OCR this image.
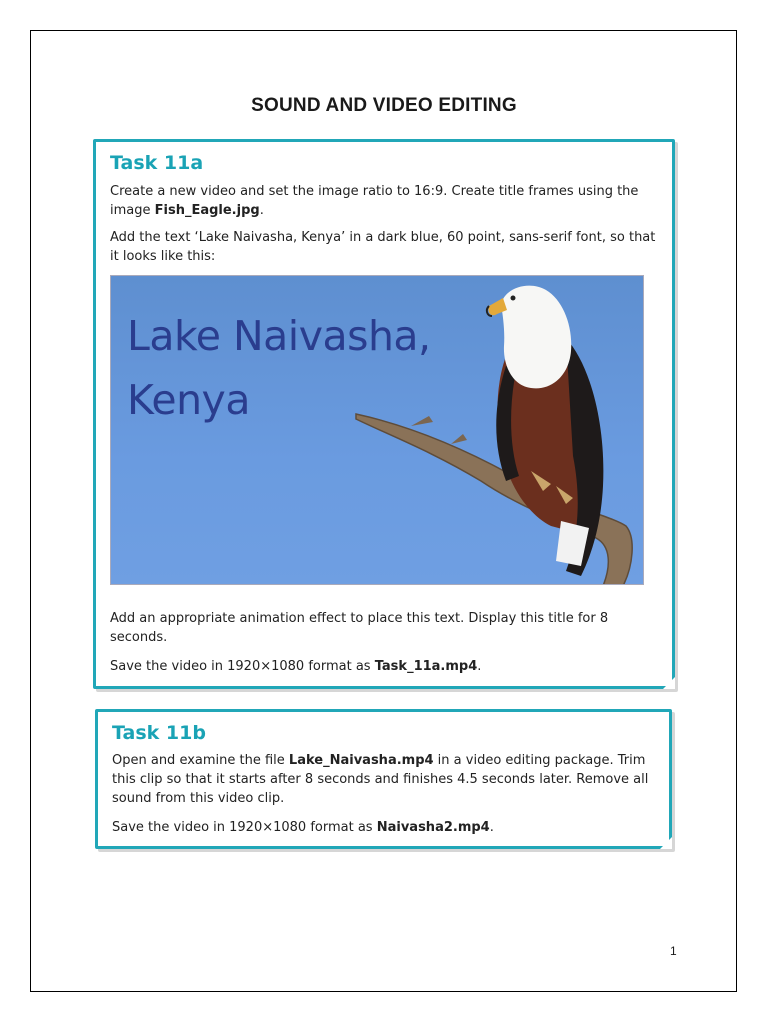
SOUND AND VIDEO EDITING
Task 11a
Create a new video and set the image ratio to 16:9. Create title frames using the image Fish_Eagle.jpg.
Add the text ‘Lake Naivasha, Kenya’ in a dark blue, 60 point, sans-serif font, so that it looks like this:
Lake Naivasha,
Kenya
Add an appropriate animation effect to place this text. Display this title for 8 seconds.
Save the video in 1920×1080 format as Task_11a.mp4.
Task 11b
Open and examine the file Lake_Naivasha.mp4 in a video editing package. Trim this clip so that it starts after 8 seconds and finishes 4.5 seconds later. Remove all sound from this video clip.
Save the video in 1920×1080 format as Naivasha2.mp4.
1
